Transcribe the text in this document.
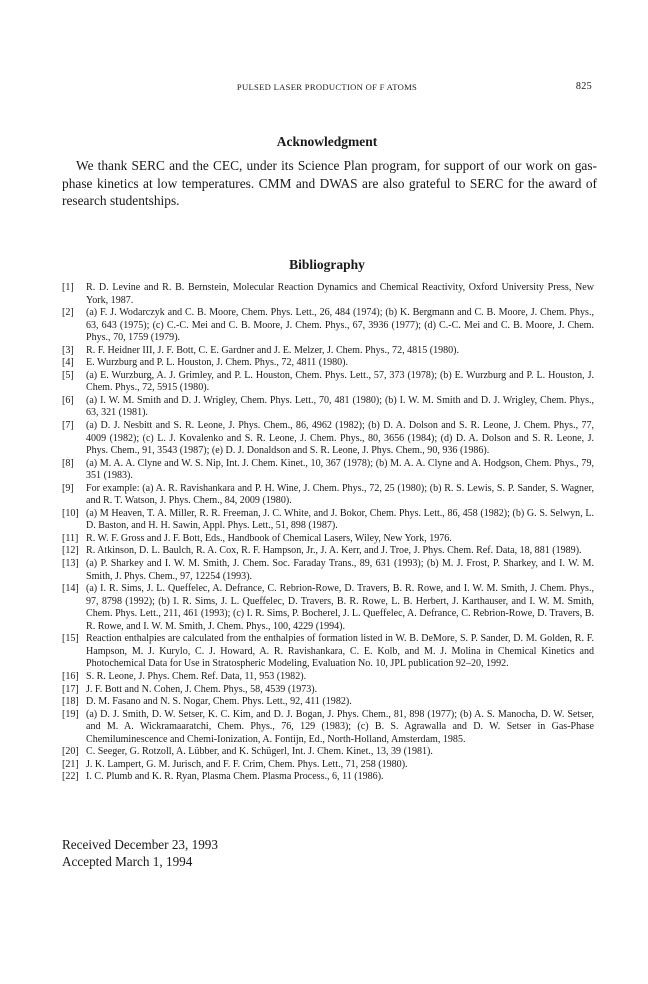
PULSED LASER PRODUCTION OF F ATOMS	825
Acknowledgment
We thank SERC and the CEC, under its Science Plan program, for support of our work on gas-phase kinetics at low temperatures. CMM and DWAS are also grateful to SERC for the award of research studentships.
Bibliography
[1] R. D. Levine and R. B. Bernstein, Molecular Reaction Dynamics and Chemical Reactivity, Oxford University Press, New York, 1987.
[2] (a) F. J. Wodarczyk and C. B. Moore, Chem. Phys. Lett., 26, 484 (1974); (b) K. Bergmann and C. B. Moore, J. Chem. Phys., 63, 643 (1975); (c) C.-C. Mei and C. B. Moore, J. Chem. Phys., 67, 3936 (1977); (d) C.-C. Mei and C. B. Moore, J. Chem. Phys., 70, 1759 (1979).
[3] R. F. Heidner III, J. F. Bott, C. E. Gardner and J. E. Melzer, J. Chem. Phys., 72, 4815 (1980).
[4] E. Wurzburg and P. L. Houston, J. Chem. Phys., 72, 4811 (1980).
[5] (a) E. Wurzburg, A. J. Grimley, and P. L. Houston, Chem. Phys. Lett., 57, 373 (1978); (b) E. Wurzburg and P. L. Houston, J. Chem. Phys., 72, 5915 (1980).
[6] (a) I. W. M. Smith and D. J. Wrigley, Chem. Phys. Lett., 70, 481 (1980); (b) I. W. M. Smith and D. J. Wrigley, Chem. Phys., 63, 321 (1981).
[7] (a) D. J. Nesbitt and S. R. Leone, J. Phys. Chem., 86, 4962 (1982); (b) D. A. Dolson and S. R. Leone, J. Chem. Phys., 77, 4009 (1982); (c) L. J. Kovalenko and S. R. Leone, J. Chem. Phys., 80, 3656 (1984); (d) D. A. Dolson and S. R. Leone, J. Phys. Chem., 91, 3543 (1987); (e) D. J. Donaldson and S. R. Leone, J. Phys. Chem., 90, 936 (1986).
[8] (a) M. A. A. Clyne and W. S. Nip, Int. J. Chem. Kinet., 10, 367 (1978); (b) M. A. A. Clyne and A. Hodgson, Chem. Phys., 79, 351 (1983).
[9] For example: (a) A. R. Ravishankara and P. H. Wine, J. Chem. Phys., 72, 25 (1980); (b) R. S. Lewis, S. P. Sander, S. Wagner, and R. T. Watson, J. Phys. Chem., 84, 2009 (1980).
[10] (a) M Heaven, T. A. Miller, R. R. Freeman, J. C. White, and J. Bokor, Chem. Phys. Lett., 86, 458 (1982); (b) G. S. Selwyn, L. D. Baston, and H. H. Sawin, Appl. Phys. Lett., 51, 898 (1987).
[11] R. W. F. Gross and J. F. Bott, Eds., Handbook of Chemical Lasers, Wiley, New York, 1976.
[12] R. Atkinson, D. L. Baulch, R. A. Cox, R. F. Hampson, Jr., J. A. Kerr, and J. Troe, J. Phys. Chem. Ref. Data, 18, 881 (1989).
[13] (a) P. Sharkey and I. W. M. Smith, J. Chem. Soc. Faraday Trans., 89, 631 (1993); (b) M. J. Frost, P. Sharkey, and I. W. M. Smith, J. Phys. Chem., 97, 12254 (1993).
[14] (a) I. R. Sims, J. L. Queffelec, A. Defrance, C. Rebrion-Rowe, D. Travers, B. R. Rowe, and I. W. M. Smith, J. Chem. Phys., 97, 8798 (1992); (b) I. R. Sims, J. L. Queffelec, D. Travers, B. R. Rowe, L. B. Herbert, J. Karthauser, and I. W. M. Smith, Chem. Phys. Lett., 211, 461 (1993); (c) I. R. Sims, P. Bocherel, J. L. Queffelec, A. Defrance, C. Rebrion-Rowe, D. Travers, B. R. Rowe, and I. W. M. Smith, J. Chem. Phys., 100, 4229 (1994).
[15] Reaction enthalpies are calculated from the enthalpies of formation listed in W. B. DeMore, S. P. Sander, D. M. Golden, R. F. Hampson, M. J. Kurylo, C. J. Howard, A. R. Ravishankara, C. E. Kolb, and M. J. Molina in Chemical Kinetics and Photochemical Data for Use in Stratospheric Modeling, Evaluation No. 10, JPL publication 92–20, 1992.
[16] S. R. Leone, J. Phys. Chem. Ref. Data, 11, 953 (1982).
[17] J. F. Bott and N. Cohen, J. Chem. Phys., 58, 4539 (1973).
[18] D. M. Fasano and N. S. Nogar, Chem. Phys. Lett., 92, 411 (1982).
[19] (a) D. J. Smith, D. W. Setser, K. C. Kim, and D. J. Bogan, J. Phys. Chem., 81, 898 (1977); (b) A. S. Manocha, D. W. Setser, and M. A. Wickramaaratchi, Chem. Phys., 76, 129 (1983); (c) B. S. Agrawalla and D. W. Setser in Gas-Phase Chemiluminescence and Chemi-Ionization, A. Fontijn, Ed., North-Holland, Amsterdam, 1985.
[20] C. Seeger, G. Rotzoll, A. Lübber, and K. Schügerl, Int. J. Chem. Kinet., 13, 39 (1981).
[21] J. K. Lampert, G. M. Jurisch, and F. F. Crim, Chem. Phys. Lett., 71, 258 (1980).
[22] I. C. Plumb and K. R. Ryan, Plasma Chem. Plasma Process., 6, 11 (1986).
Received December 23, 1993
Accepted March 1, 1994
